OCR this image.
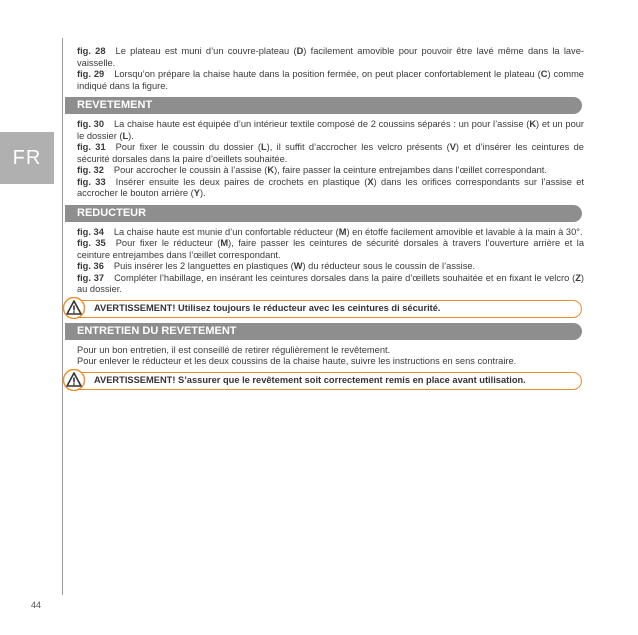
FR
fig. 28 Le plateau est muni d’un couvre-plateau (D) facilement amovible pour pouvoir être lavé même dans la lave-vaisselle.
fig. 29 Lorsqu’on prépare la chaise haute dans la position fermée, on peut placer confortablement le plateau (C) comme indiqué dans la figure.
REVETEMENT
fig. 30 La chaise haute est équipée d’un intérieur textile composé de 2 coussins séparés : un pour l’assise (K) et un pour le dossier (L).
fig. 31 Pour fixer le coussin du dossier (L), il suffit d’accrocher les velcro présents (V) et d’insérer les ceintures de sécurité dorsales dans la paire d’oeillets souhaitée.
fig. 32 Pour accrocher le coussin à l’assise (K), faire passer la ceinture entrejambes dans l’œillet correspondant.
fig. 33 Insérer ensuite les deux paires de crochets en plastique (X) dans les orifices correspondants sur l’assise et accrocher le bouton arrière (Y).
REDUCTEUR
fig. 34 La chaise haute est munie d’un confortable réducteur (M) en étoffe facilement amovible et lavable à la main à 30°.
fig. 35 Pour fixer le réducteur (M), faire passer les ceintures de sécurité dorsales à travers l’ouverture arrière et la ceinture entrejambes dans l’œillet correspondant.
fig. 36 Puis insérer les 2 languettes en plastiques (W) du réducteur sous le coussin de l’assise.
fig. 37 Compléter l’habillage, en insérant les ceintures dorsales dans la paire d’œillets souhaitée et en fixant le velcro (Z) au dossier.
AVERTISSEMENT! Utilisez toujours le réducteur avec les ceintures di sécurité.
ENTRETIEN DU REVETEMENT
Pour un bon entretien, il est conseillé de retirer régulièrement le revêtement.
Pour enlever le réducteur et les deux coussins de la chaise haute, suivre les instructions en sens contraire.
AVERTISSEMENT! S’assurer que le revêtement soit correctement remis en place avant utilisation.
44
